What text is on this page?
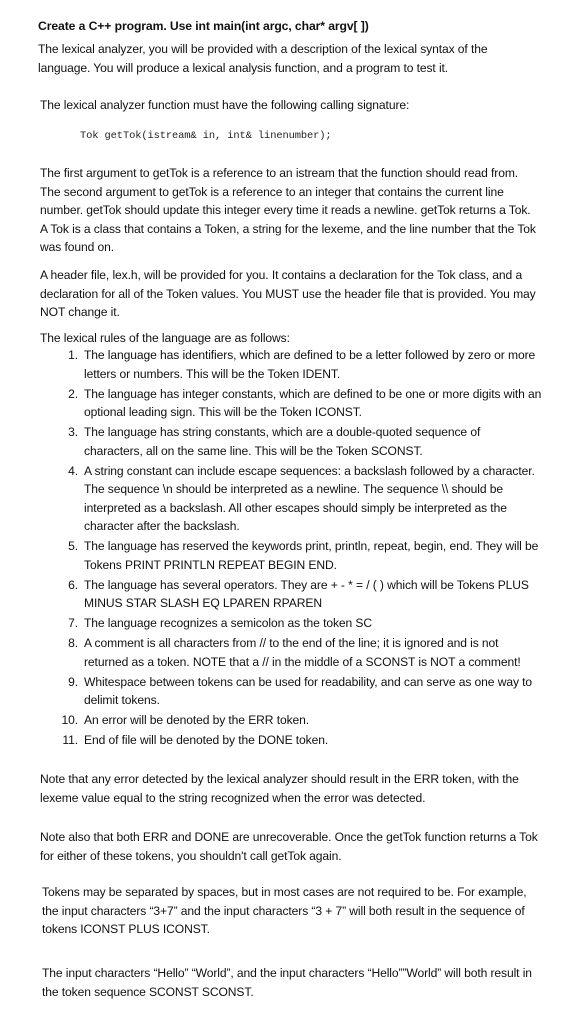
Create a C++ program. Use int main(int argc, char* argv[ ])

The lexical analyzer, you will be provided with a description of the lexical syntax of the language. You will produce a lexical analysis function, and a program to test it.

The lexical analyzer function must have the following calling signature:

Tok getTok(istream& in, int& linenumber);

The first argument to getTok is a reference to an istream that the function should read from. The second argument to getTok is a reference to an integer that contains the current line number. getTok should update this integer every time it reads a newline. getTok returns a Tok. A Tok is a class that contains a Token, a string for the lexeme, and the line number that the Tok was found on.

A header file, lex.h, will be provided for you. It contains a declaration for the Tok class, and a declaration for all of the Token values. You MUST use the header file that is provided. You may NOT change it.

The lexical rules of the language are as follows:

1. The language has identifiers, which are defined to be a letter followed by zero or more letters or numbers. This will be the Token IDENT.
2. The language has integer constants, which are defined to be one or more digits with an optional leading sign. This will be the Token ICONST.
3. The language has string constants, which are a double-quoted sequence of characters, all on the same line. This will be the Token SCONST.
4. A string constant can include escape sequences: a backslash followed by a character. The sequence \n should be interpreted as a newline. The sequence \\ should be interpreted as a backslash. All other escapes should simply be interpreted as the character after the backslash.
5. The language has reserved the keywords print, println, repeat, begin, end. They will be Tokens PRINT PRINTLN REPEAT BEGIN END.
6. The language has several operators. They are + - * = / ( ) which will be Tokens PLUS MINUS STAR SLASH EQ LPAREN RPAREN
7. The language recognizes a semicolon as the token SC
8. A comment is all characters from // to the end of the line; it is ignored and is not returned as a token. NOTE that a // in the middle of a SCONST is NOT a comment!
9. Whitespace between tokens can be used for readability, and can serve as one way to delimit tokens.
10. An error will be denoted by the ERR token.
11. End of file will be denoted by the DONE token.

Note that any error detected by the lexical analyzer should result in the ERR token, with the lexeme value equal to the string recognized when the error was detected.

Note also that both ERR and DONE are unrecoverable. Once the getTok function returns a Tok for either of these tokens, you shouldn't call getTok again.

Tokens may be separated by spaces, but in most cases are not required to be. For example, the input characters “3+7” and the input characters “3 + 7” will both result in the sequence of tokens ICONST PLUS ICONST.

The input characters “Hello” “World”, and the input characters “Hello””World” will both result in the token sequence SCONST SCONST.
